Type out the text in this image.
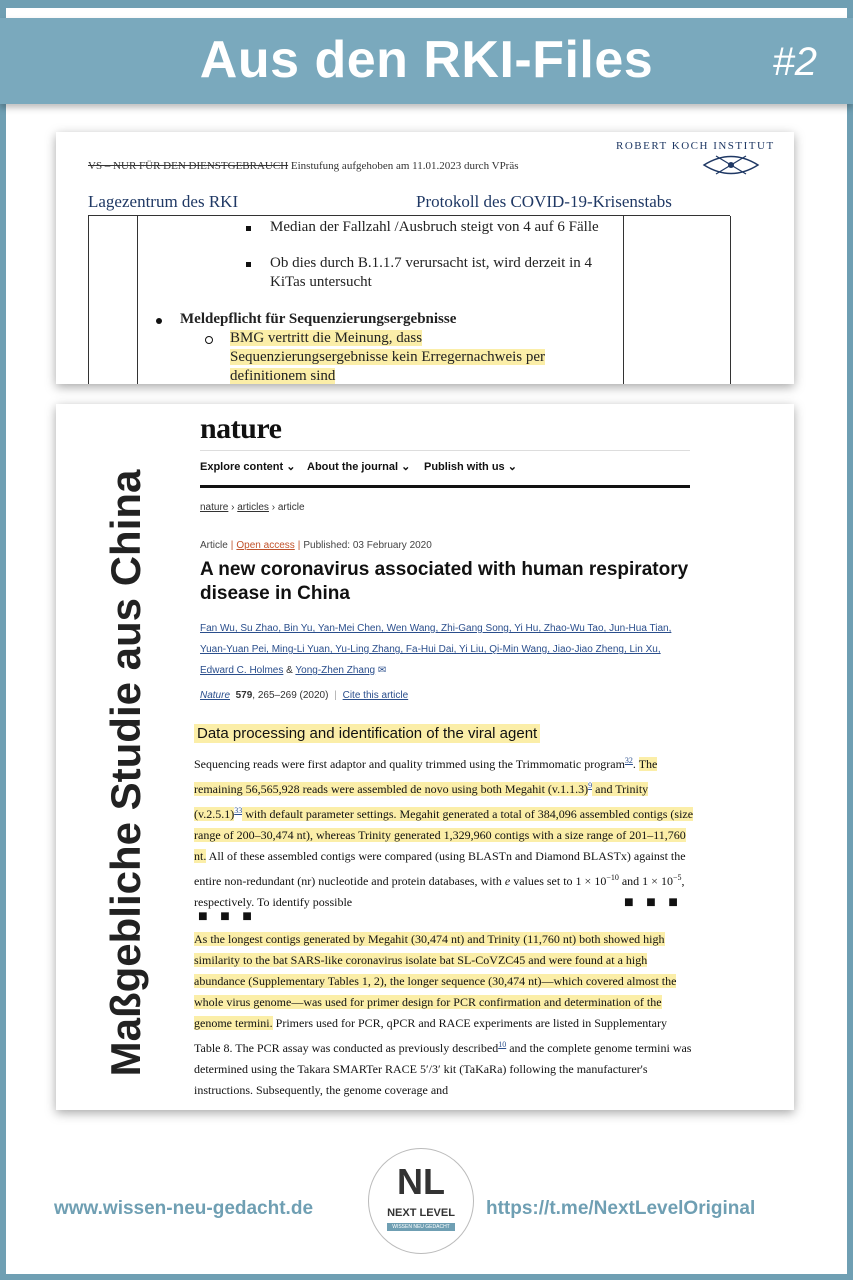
Aus den RKI-Files	#2
VS – NUR FÜR DEN DIENSTGEBRAUCH Einstufung aufgehoben am 11.01.2023 durch VPräs
ROBERT KOCH INSTITUT
Lagezentrum des RKI	Protokoll des COVID-19-Krisenstabs
Median der Fallzahl /Ausbruch steigt von 4 auf 6 Fälle
Ob dies durch B.1.1.7 verursacht ist, wird derzeit in 4 KiTas untersucht
Meldepflicht für Sequenzierungsergebnisse
BMG vertritt die Meinung, dass
Sequenzierungsergebnisse kein Erregernachweis per
definitionem sind
Maßgebliche Studie aus China
nature
Explore content ⌄ About the journal ⌄ Publish with us ⌄
nature › articles › article
Article | Open access | Published: 03 February 2020
A new coronavirus associated with human respiratory disease in China
Fan Wu, Su Zhao, Bin Yu, Yan-Mei Chen, Wen Wang, Zhi-Gang Song, Yi Hu, Zhao-Wu Tao, Jun-Hua Tian,
Yuan-Yuan Pei, Ming-Li Yuan, Yu-Ling Zhang, Fa-Hui Dai, Yi Liu, Qi-Min Wang, Jiao-Jiao Zheng, Lin Xu,
Edward C. Holmes & Yong-Zhen Zhang ✉
Nature 579, 265–269 (2020) | Cite this article
Data processing and identification of the viral agent
Sequencing reads were first adaptor and quality trimmed using the Trimmomatic program$^{32}$. The remaining 56,565,928 reads were assembled de novo using both Megahit $(v.1.1.3)^9$ and Trinity $(v.2.5.1)^{33}$ with default parameter settings. Megahit generated a total of 384,096 assembled contigs (size range of 200–30,474 nt), whereas Trinity generated 1,329,960 contigs with a size range of 201–11,760 nt. All of these assembled contigs were compared (using BLASTn and Diamond BLASTx) against the entire non-redundant (nr) nucleotide and protein databases, with e values set to $1 \times 10^{-10}$ and $1 \times 10^{-5}$, respectively. To identify possible
■ ■ ■
■ ■ ■
As the longest contigs generated by Megahit (30,474 nt) and Trinity (11,760 nt) both showed high similarity to the bat SARS-like coronavirus isolate bat SL-CoVZC45 and were found at a high abundance (Supplementary Tables 1, 2), the longer sequence (30,474 nt)—which covered almost the whole virus genome—was used for primer design for PCR confirmation and determination of the genome termini. Primers used for PCR, qPCR and RACE experiments are listed in Supplementary Table 8. The PCR assay was conducted as previously described$^{10}$ and the complete genome termini was determined using the Takara SMARTer RACE 5′/3′ kit (TaKaRa) following the manufacturer's instructions. Subsequently, the genome coverage and
www.wissen-neu-gedacht.de
NL
NEXT LEVEL
WISSEN NEU GEDACHT
https://t.me/NextLevelOriginal
